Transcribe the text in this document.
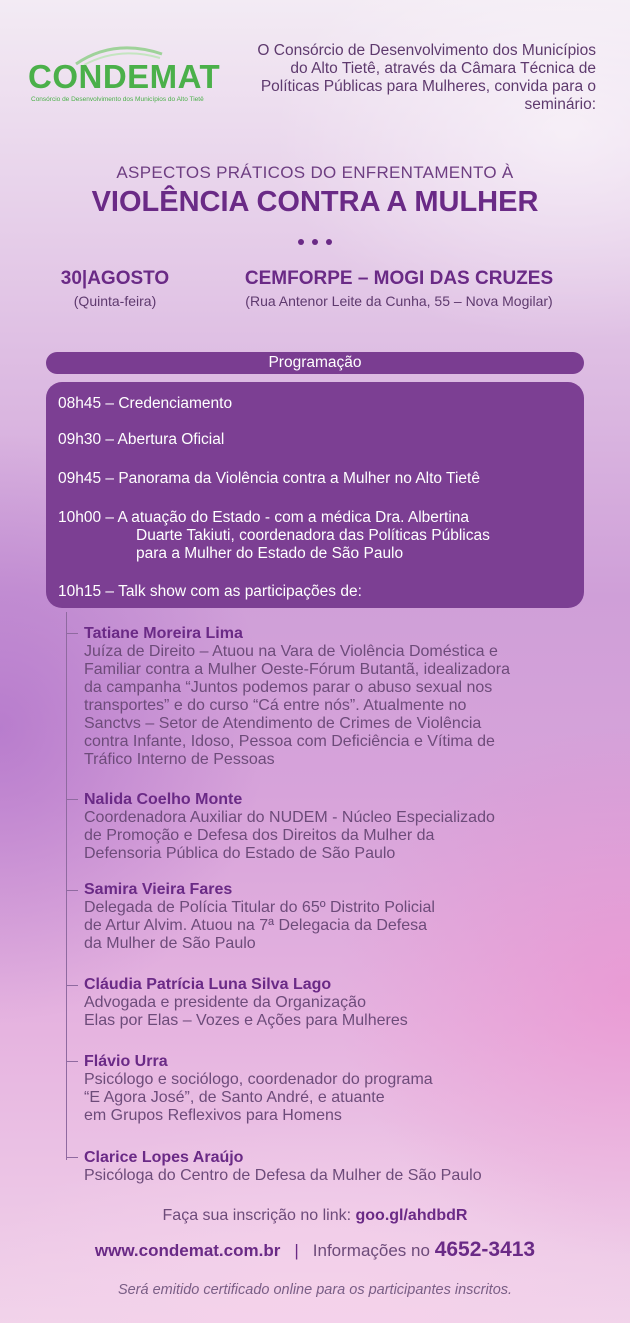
CONDEMAT
Consórcio de Desenvolvimento dos Municípios do Alto Tietê
O Consórcio de Desenvolvimento dos Municípios do Alto Tietê, através da Câmara Técnica de Políticas Públicas para Mulheres, convida para o seminário:
ASPECTOS PRÁTICOS DO ENFRENTAMENTO À
VIOLÊNCIA CONTRA A MULHER
30|AGOSTO
(Quinta-feira)
CEMFORPE – MOGI DAS CRUZES
(Rua Antenor Leite da Cunha, 55 – Nova Mogilar)
Programação
08h45 – Credenciamento
09h30 – Abertura Oficial
09h45 – Panorama da Violência contra a Mulher no Alto Tietê
10h00 – A atuação do Estado - com a médica Dra. Albertina
Duarte Takiuti, coordenadora das Políticas Públicas
para a Mulher do Estado de São Paulo
10h15 – Talk show com as participações de:
Tatiane Moreira Lima
Juíza de Direito – Atuou na Vara de Violência Doméstica e
Familiar contra a Mulher Oeste-Fórum Butantã, idealizadora
da campanha “Juntos podemos parar o abuso sexual nos
transportes” e do curso “Cá entre nós”. Atualmente no
Sanctvs – Setor de Atendimento de Crimes de Violência
contra Infante, Idoso, Pessoa com Deficiência e Vítima de
Tráfico Interno de Pessoas
Nalida Coelho Monte
Coordenadora Auxiliar do NUDEM - Núcleo Especializado
de Promoção e Defesa dos Direitos da Mulher da
Defensoria Pública do Estado de São Paulo
Samira Vieira Fares
Delegada de Polícia Titular do 65º Distrito Policial
de Artur Alvim. Atuou na 7ª Delegacia da Defesa
da Mulher de São Paulo
Cláudia Patrícia Luna Silva Lago
Advogada e presidente da Organização
Elas por Elas – Vozes e Ações para Mulheres
Flávio Urra
Psicólogo e sociólogo, coordenador do programa
“E Agora José”, de Santo André, e atuante
em Grupos Reflexivos para Homens
Clarice Lopes Araújo
Psicóloga do Centro de Defesa da Mulher de São Paulo
Faça sua inscrição no link: goo.gl/ahdbdR
www.condemat.com.br | Informações no 4652-3413
Será emitido certificado online para os participantes inscritos.
